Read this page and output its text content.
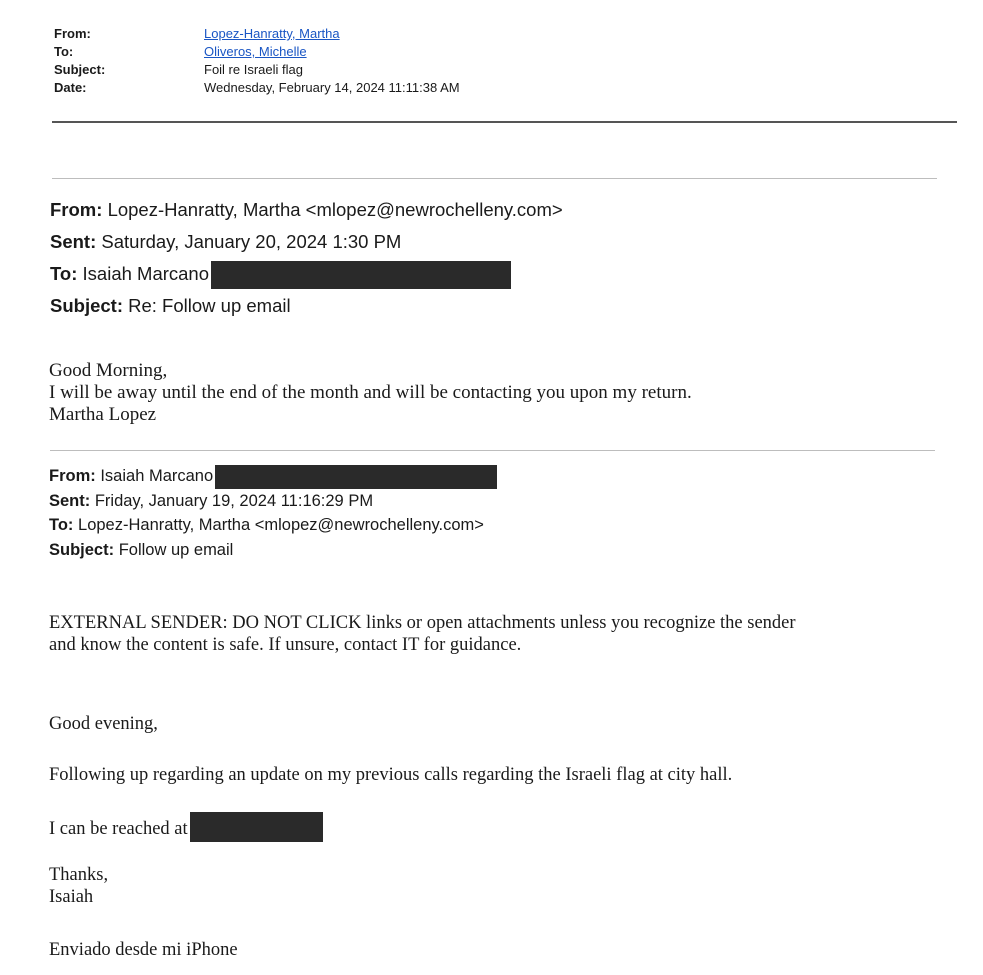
From:	Lopez-Hanratty, Martha
To:	Oliveros, Michelle
Subject:	Foil re Israeli flag
Date:	Wednesday, February 14, 2024 11:11:38 AM
From: Lopez-Hanratty, Martha <mlopez@newrochelleny.com>
Sent: Saturday, January 20, 2024 1:30 PM
To: Isaiah Marcano
Subject: Re: Follow up email

Good Morning,

I will be away until the end of the month and will be contacting you upon my return.

Martha Lopez

From: Isaiah Marcano
Sent: Friday, January 19, 2024 11:16:29 PM
To: Lopez-Hanratty, Martha <mlopez@newrochelleny.com>
Subject: Follow up email

EXTERNAL SENDER: DO NOT CLICK links or open attachments unless you recognize the sender

and know the content is safe. If unsure, contact IT for guidance.

Good evening,

Following up regarding an update on my previous calls regarding the Israeli flag at city hall.

I can be reached at

Thanks,

Isaiah

Enviado desde mi iPhone
